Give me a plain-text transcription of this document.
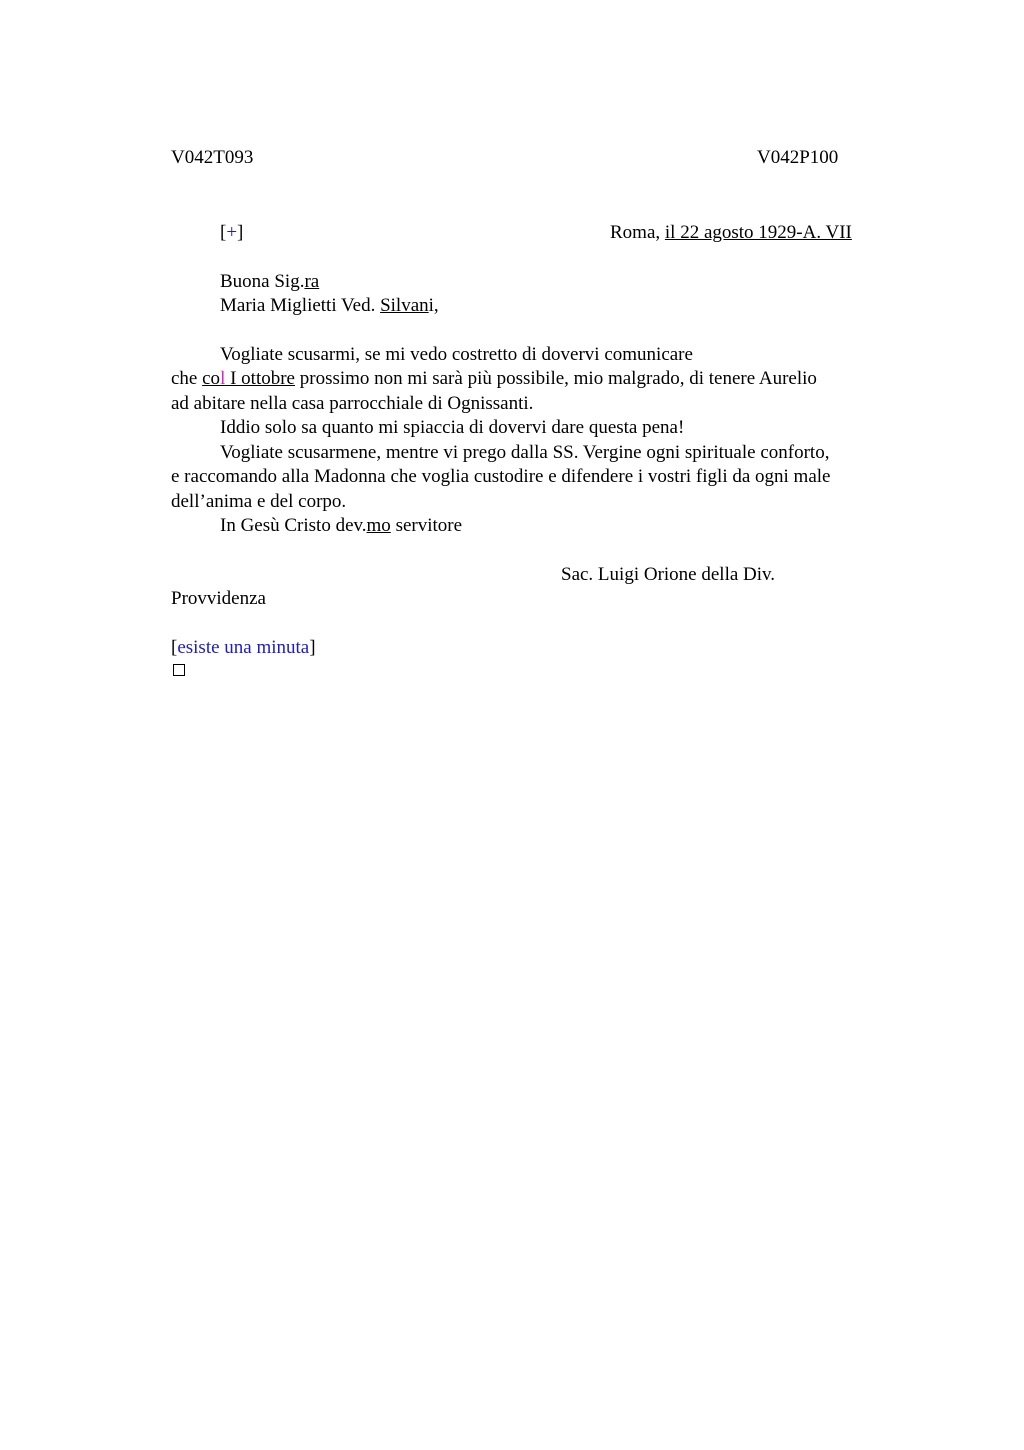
V042T093	V042P100
[+]	Roma, il 22 agosto 1929-A. VII
Buona Sig.ra
Maria Miglietti Ved. Silvani,
Vogliate scusarmi, se mi vedo costretto di dovervi comunicare
che col I ottobre prossimo non mi sarà più possibile, mio malgrado, di tenere Aurelio
ad abitare nella casa parrocchiale di Ognissanti.
Iddio solo sa quanto mi spiaccia di dovervi dare questa pena!
Vogliate scusarmene, mentre vi prego dalla SS. Vergine ogni spirituale conforto,
e raccomando alla Madonna che voglia custodire e difendere i vostri figli da ogni male
dell’anima e del corpo.
In Gesù Cristo dev.mo servitore
Sac. Luigi Orione della Div.
Provvidenza
[esiste una minuta]
